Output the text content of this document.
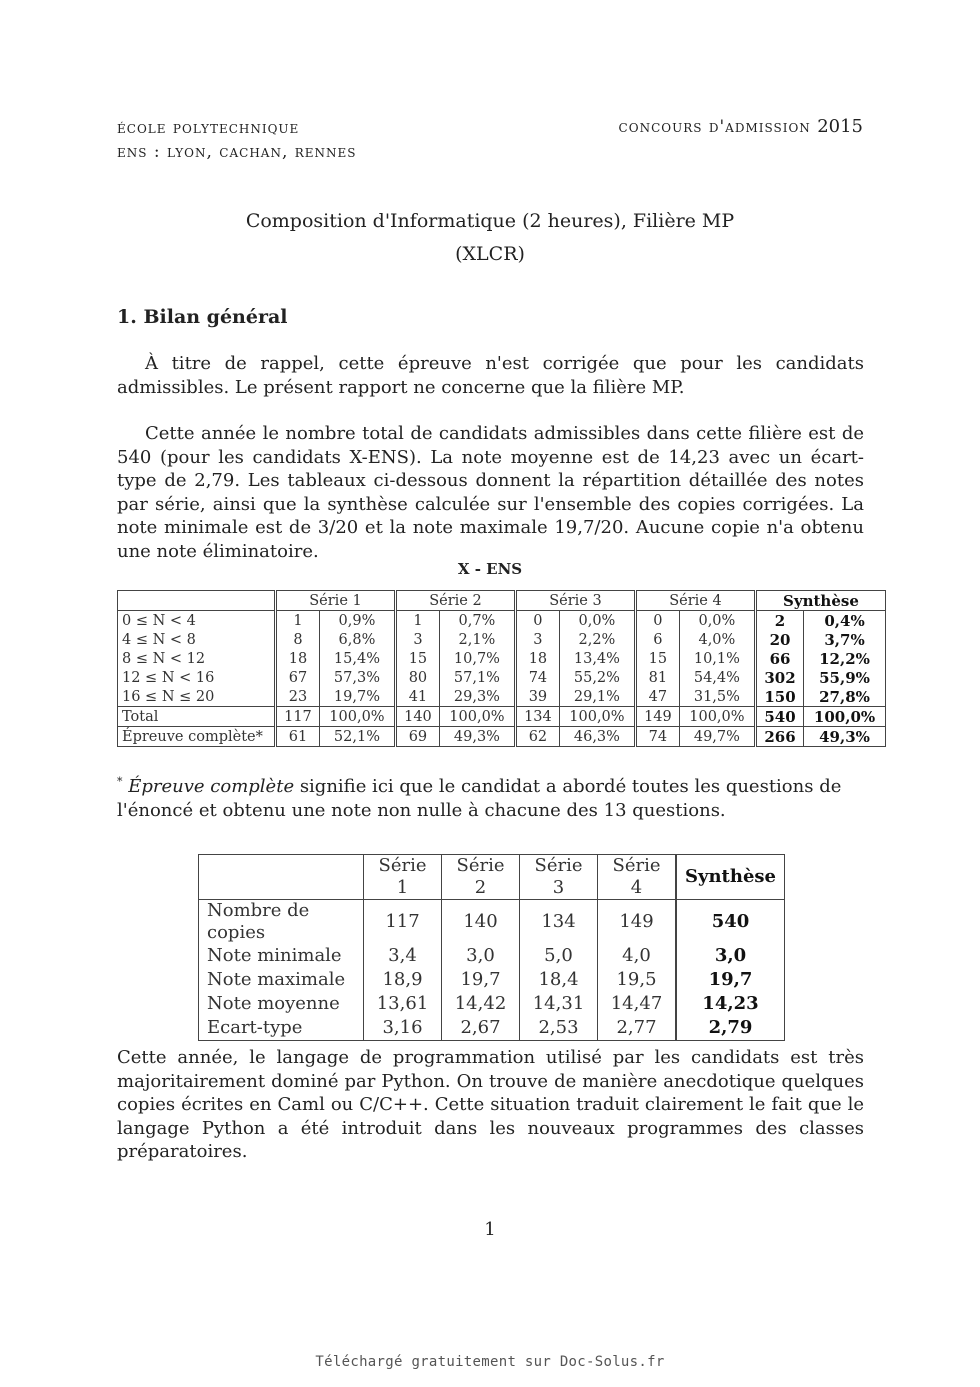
école polytechnique
ens : lyon, cachan, rennes
concours d'admission 2015
Composition d'Informatique (2 heures), Filière MP
(XLCR)
1. Bilan général
À titre de rappel, cette épreuve n'est corrigée que pour les candidats admissibles. Le présent rapport ne concerne que la filière MP.
Cette année le nombre total de candidats admissibles dans cette filière est de 540 (pour les candidats X-ENS). La note moyenne est de 14,23 avec un écart-type de 2,79. Les tableaux ci-dessous donnent la répartition détaillée des notes par série, ainsi que la synthèse calculée sur l'ensemble des copies corrigées. La note minimale est de 3/20 et la note maximale 19,7/20. Aucune copie n'a obtenu une note éliminatoire.
X - ENS
	Série 1		Série 2		Série 3		Série 4		Synthèse	
0 ≤ N < 4	1	0,9%	1	0,7%	0	0,0%	0	0,0%	2	0,4%
4 ≤ N < 8	8	6,8%	3	2,1%	3	2,2%	6	4,0%	20	3,7%
8 ≤ N < 12	18	15,4%	15	10,7%	18	13,4%	15	10,1%	66	12,2%
12 ≤ N < 16	67	57,3%	80	57,1%	74	55,2%	81	54,4%	302	55,9%
16 ≤ N ≤ 20	23	19,7%	41	29,3%	39	29,1%	47	31,5%	150	27,8%
Total	117	100,0%	140	100,0%	134	100,0%	149	100,0%	540	100,0%
Épreuve complète*	61	52,1%	69	49,3%	62	46,3%	74	49,7%	266	49,3%
* Épreuve complète signifie ici que le candidat a abordé toutes les questions de l'énoncé et obtenu une note non nulle à chacune des 13 questions.
	Série 1	Série 2	Série 3	Série 4	Synthèse
Nombre de copies	117	140	134	149	540
Note minimale	3,4	3,0	5,0	4,0	3,0
Note maximale	18,9	19,7	18,4	19,5	19,7
Note moyenne	13,61	14,42	14,31	14,47	14,23
Ecart-type	3,16	2,67	2,53	2,77	2,79
Cette année, le langage de programmation utilisé par les candidats est très majoritairement dominé par Python. On trouve de manière anecdotique quelques copies écrites en Caml ou C/C++. Cette situation traduit clairement le fait que le langage Python a été introduit dans les nouveaux programmes des classes préparatoires.
1
Téléchargé gratuitement sur Doc-Solus.fr
